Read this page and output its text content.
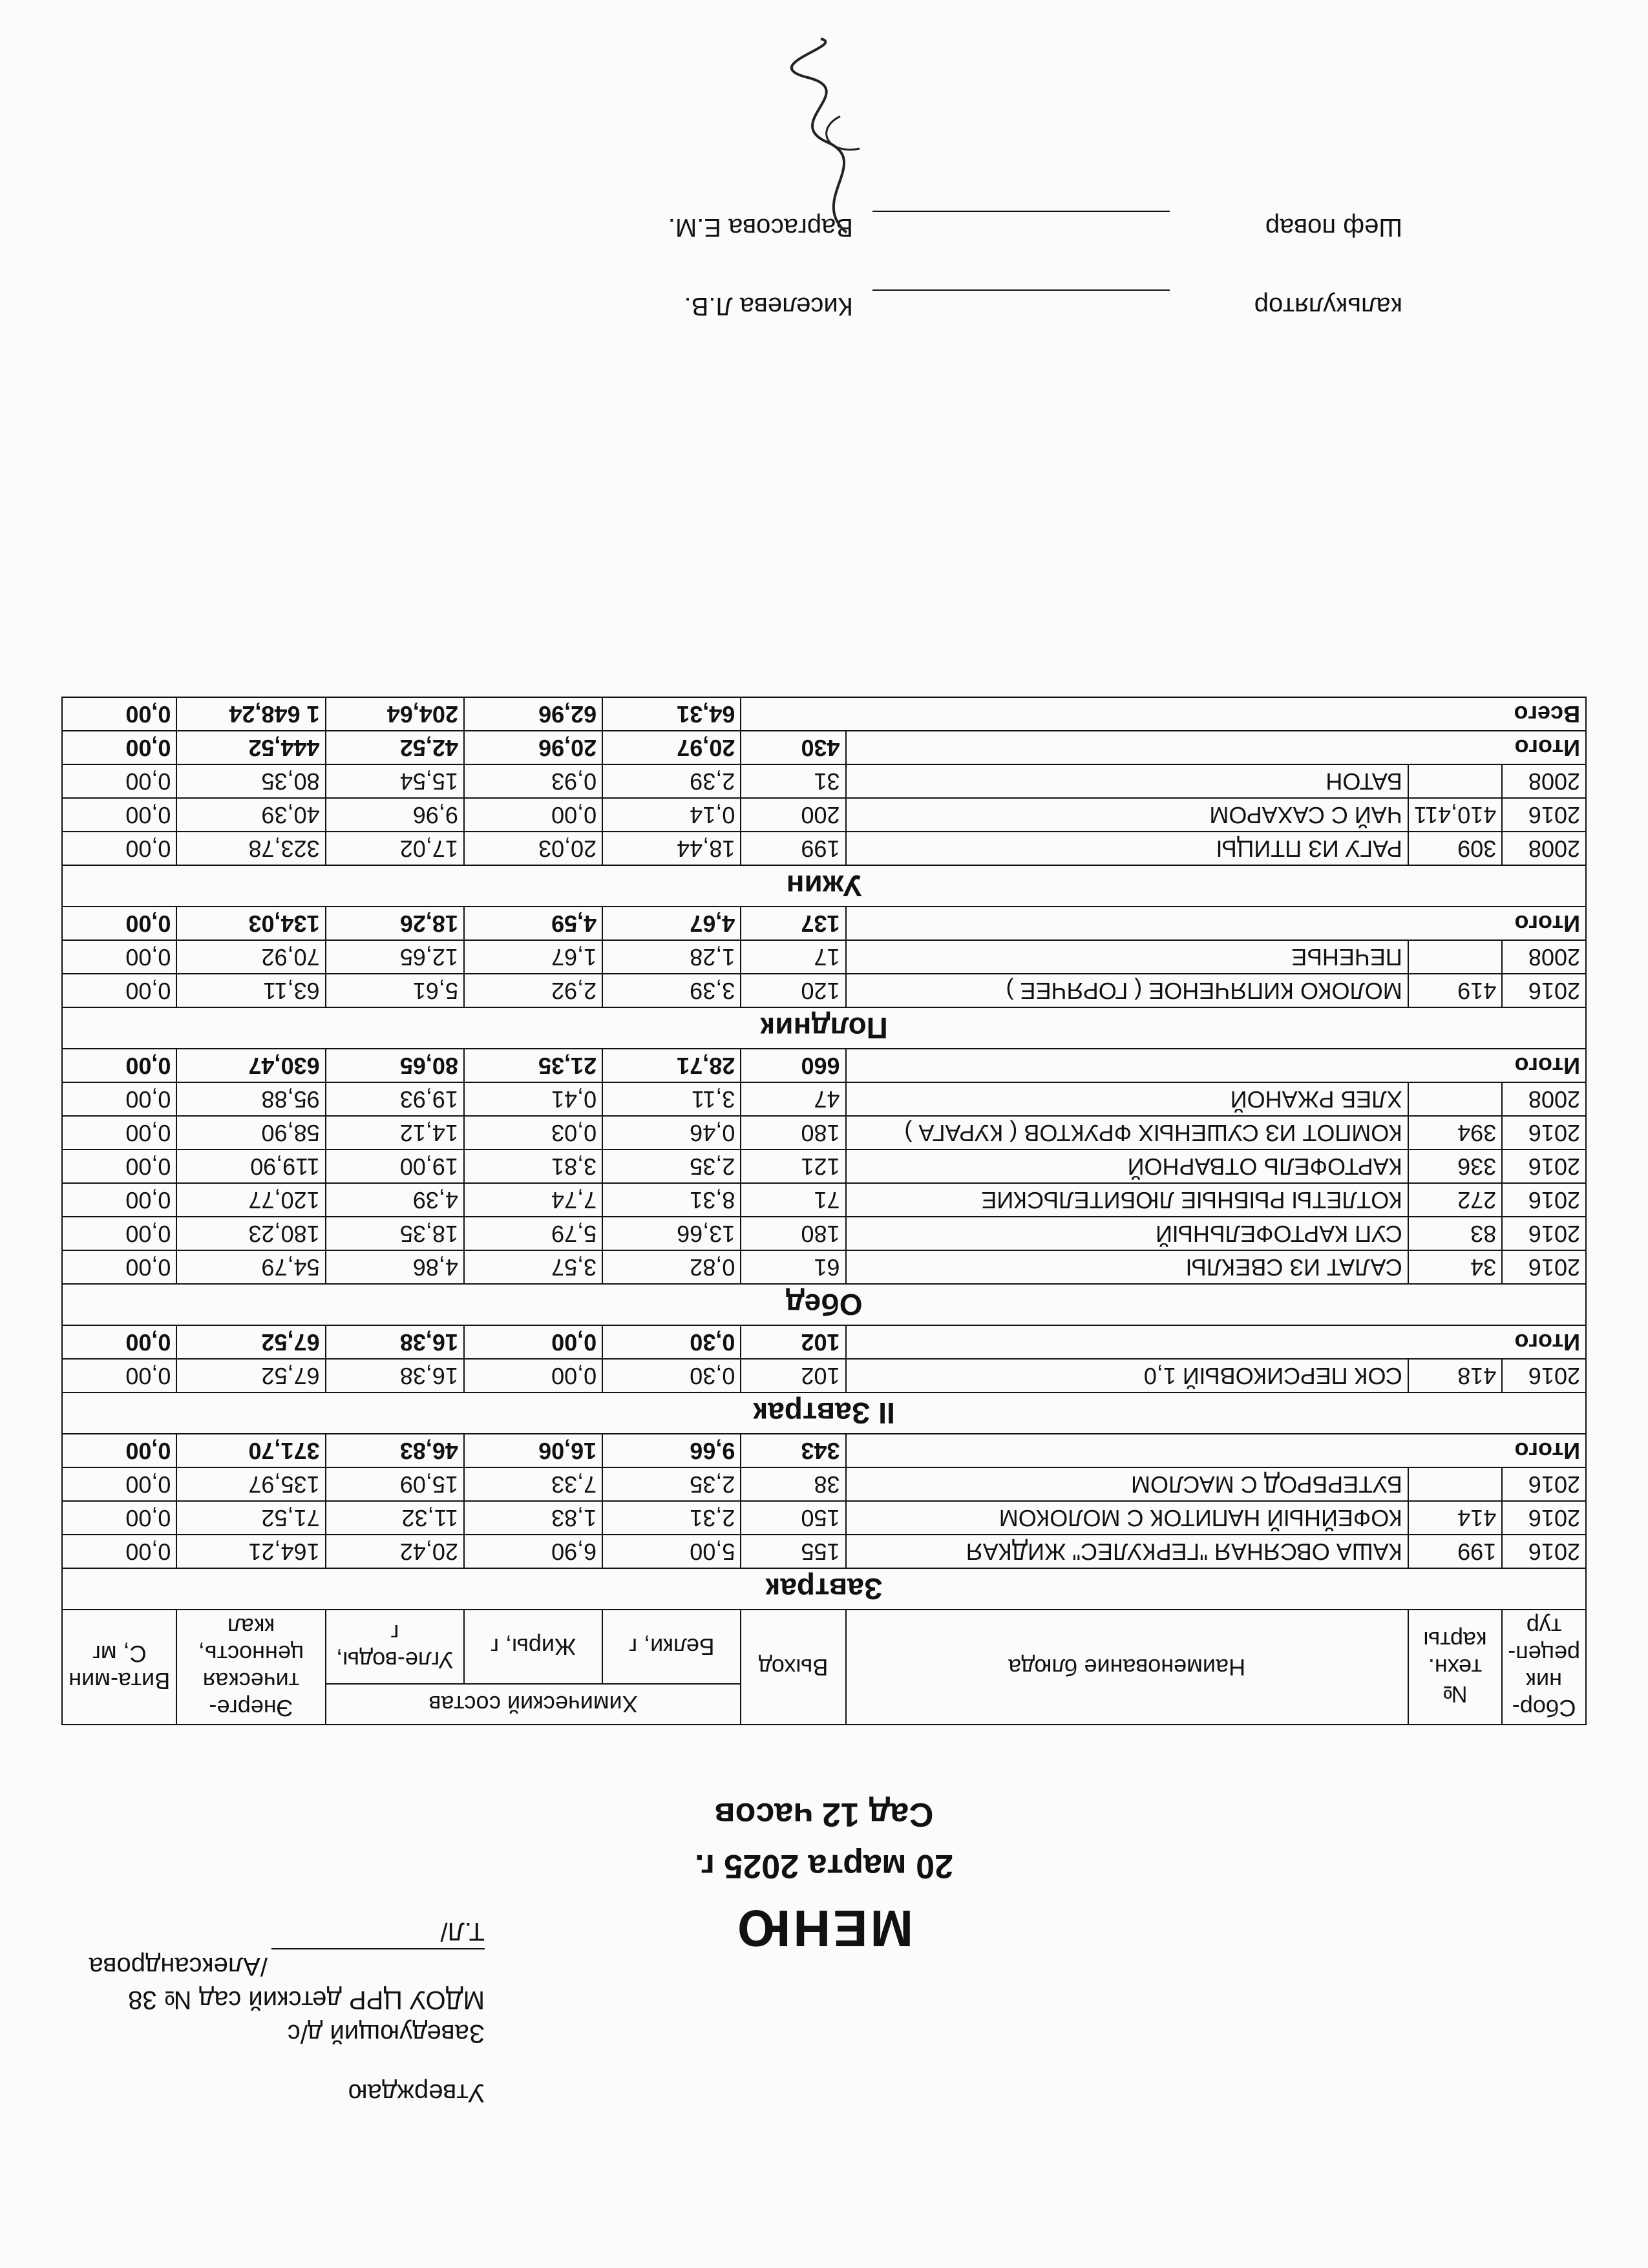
Утверждаю
Заведующий д/с
МДОУ ЦРР детский сад № 38
/Александрова Т.Л/	МЕНЮ
20 марта 2025 г.
Сад 12 часов
Сбор-ник рецеп-тур	№ техн. карты	Наименование блюда	Выход	Химический состав			Энерге-тическая ценность, ккал	Вита-мин С, мг
				Белки, г	Жиры, г	Угле-воды, г		
Завтрак								
2016	199	КАША ОВСЯНАЯ "ГЕРКУЛЕС" ЖИДКАЯ	155	5,00	6,90	20,42	164,21	0,00
2016	414	КОФЕЙНЫЙ НАПИТОК С МОЛОКОМ	150	2,31	1,83	11,32	71,52	0,00
2016		БУТЕРБРОД С МАСЛОМ	38	2,35	7,33	15,09	135,97	0,00
Итого			343	9,66	16,06	46,83	371,70	0,00
II Завтрак								
2016	418	СОК ПЕРСИКОВЫЙ 1,0	102	0,30	0,00	16,38	67,52	0,00
Итого			102	0,30	0,00	16,38	67,52	0,00
Обед								
2016	34	САЛАТ ИЗ СВЕКЛЫ	61	0,82	3,57	4,86	54,79	0,00
2016	83	СУП КАРТОФЕЛЬНЫЙ	180	13,66	5,79	18,35	180,23	0,00
2016	272	КОТЛЕТЫ РЫБНЫЕ ЛЮБИТЕЛЬСКИЕ	71	8,31	7,74	4,39	120,77	0,00
2016	336	КАРТОФЕЛЬ ОТВАРНОЙ	121	2,35	3,81	19,00	119,90	0,00
2016	394	КОМПОТ ИЗ СУШЕНЫХ ФРУКТОВ ( КУРАГА )	180	0,46	0,03	14,12	58,90	0,00
2008		ХЛЕБ РЖАНОЙ	47	3,11	0,41	19,93	95,88	0,00
Итого			660	28,71	21,35	80,65	630,47	0,00
Полдник								
2016	419	МОЛОКО КИПЯЧЕНОЕ ( ГОРЯЧЕЕ )	120	3,39	2,92	5,61	63,11	0,00
2008		ПЕЧЕНЬЕ	17	1,28	1,67	12,65	70,92	0,00
Итого			137	4,67	4,59	18,26	134,03	0,00
Ужин								
2008	309	РАГУ ИЗ ПТИЦЫ	199	18,44	20,03	17,02	323,78	0,00
2016	410,411	ЧАЙ С САХАРОМ	200	0,14	0,00	9,96	40,39	0,00
2008		БАТОН	31	2,39	0,93	15,54	80,35	0,00
Итого			430	20,97	20,96	42,52	444,52	0,00
Всего				64,31	62,96	204,64	1 648,24	0,00
калькулятор
Киселева Л.В.
Шеф повар
Варгасова Е.М.
